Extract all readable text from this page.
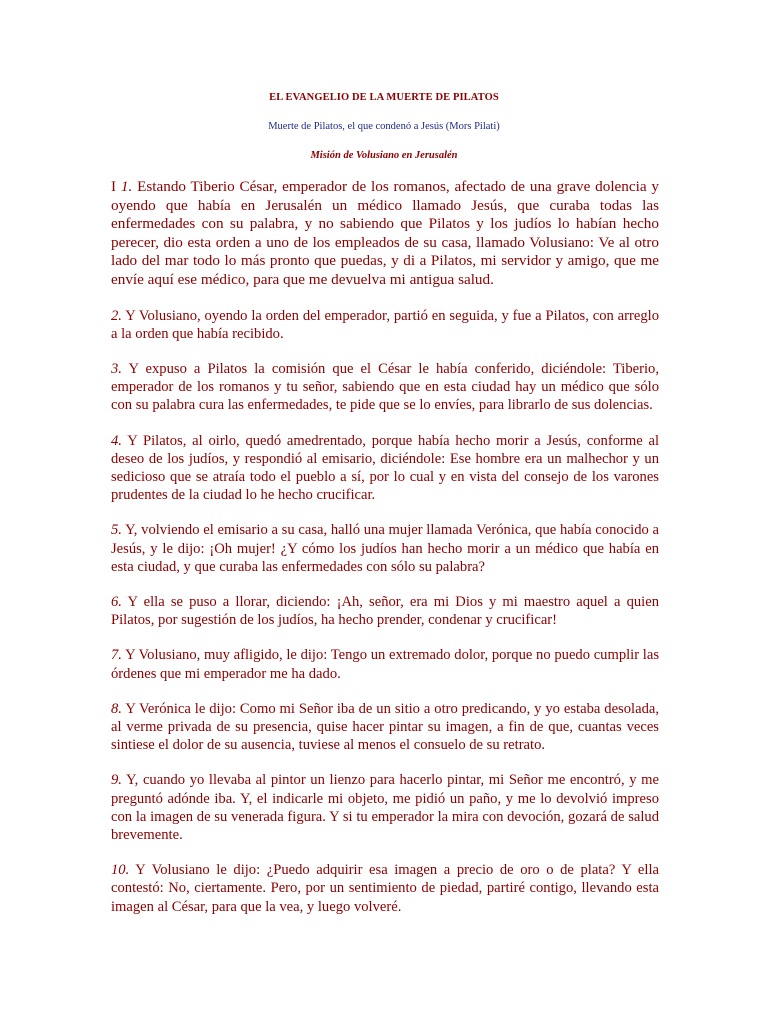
EL EVANGELIO DE LA MUERTE DE PILATOS
Muerte de Pilatos, el que condenó a Jesús (Mors Pilati)
Misión de Volusiano en Jerusalén

I 1. Estando Tiberio César, emperador de los romanos, afectado de una grave dolencia y oyendo que había en Jerusalén un médico llamado Jesús, que curaba todas las enfermedades con su palabra, y no sabiendo que Pilatos y los judíos lo habían hecho perecer, dio esta orden a uno de los empleados de su casa, llamado Volusiano: Ve al otro lado del mar todo lo más pronto que puedas, y di a Pilatos, mi servidor y amigo, que me envíe aquí ese médico, para que me devuelva mi antigua salud.

2. Y Volusiano, oyendo la orden del emperador, partió en seguida, y fue a Pilatos, con arreglo a la orden que había recibido.

3. Y expuso a Pilatos la comisión que el César le había conferido, diciéndole: Tiberio, emperador de los romanos y tu señor, sabiendo que en esta ciudad hay un médico que sólo con su palabra cura las enfermedades, te pide que se lo envíes, para librarlo de sus dolencias.

4. Y Pilatos, al oirlo, quedó amedrentado, porque había hecho morir a Jesús, conforme al deseo de los judíos, y respondió al emisario, diciéndole: Ese hombre era un malhechor y un sedicioso que se atraía todo el pueblo a sí, por lo cual y en vista del consejo de los varones prudentes de la ciudad lo he hecho crucificar.

5. Y, volviendo el emisario a su casa, halló una mujer llamada Verónica, que había conocido a Jesús, y le dijo: ¡Oh mujer! ¿Y cómo los judíos han hecho morir a un médico que había en esta ciudad, y que curaba las enfermedades con sólo su palabra?

6. Y ella se puso a llorar, diciendo: ¡Ah, señor, era mi Dios y mi maestro aquel a quien Pilatos, por sugestión de los judíos, ha hecho prender, condenar y crucificar!

7. Y Volusiano, muy afligido, le dijo: Tengo un extremado dolor, porque no puedo cumplir las órdenes que mi emperador me ha dado.

8. Y Verónica le dijo: Como mi Señor iba de un sitio a otro predicando, y yo estaba desolada, al verme privada de su presencia, quise hacer pintar su imagen, a fin de que, cuantas veces sintiese el dolor de su ausencia, tuviese al menos el consuelo de su retrato.

9. Y, cuando yo llevaba al pintor un lienzo para hacerlo pintar, mi Señor me encontró, y me preguntó adónde iba. Y, el indicarle mi objeto, me pidió un paño, y me lo devolvió impreso con la imagen de su venerada figura. Y si tu emperador la mira con devoción, gozará de salud brevemente.

10. Y Volusiano le dijo: ¿Puedo adquirir esa imagen a precio de oro o de plata? Y ella contestó: No, ciertamente. Pero, por un sentimiento de piedad, partiré contigo, llevando esta imagen al César, para que la vea, y luego volveré.
